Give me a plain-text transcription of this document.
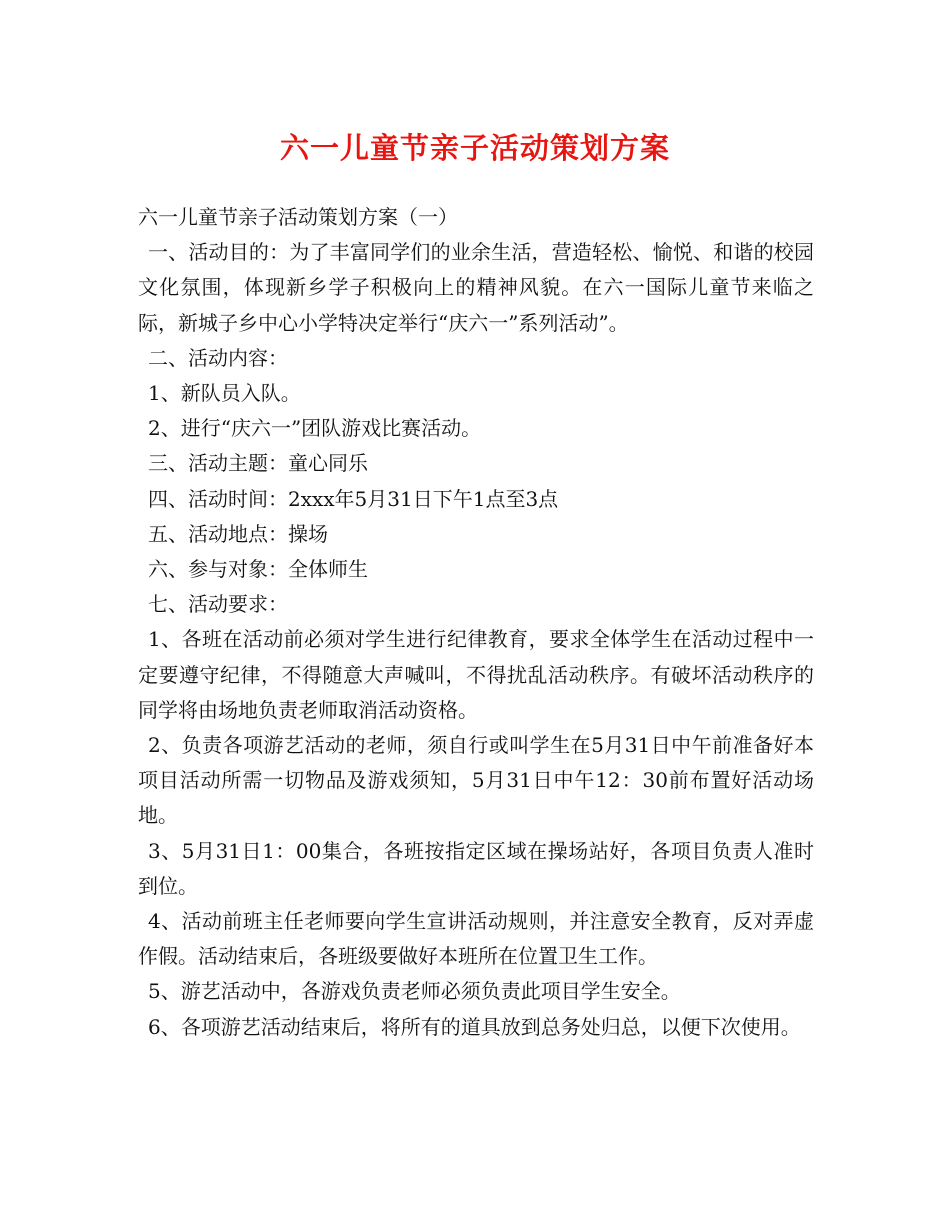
六一儿童节亲子活动策划方案

六一儿童节亲子活动策划方案（一）

一、活动目的：为了丰富同学们的业余生活，营造轻松、愉悦、和谐的校园文化氛围，体现新乡学子积极向上的精神风貌。在六一国际儿童节来临之际，新城子乡中心小学特决定举行“庆六一”系列活动”。

二、活动内容：

1、新队员入队。

2、进行“庆六一”团队游戏比赛活动。

三、活动主题：童心同乐

四、活动时间：2xxx年5月31日下午1点至3点

五、活动地点：操场

六、参与对象：全体师生

七、活动要求：

1、各班在活动前必须对学生进行纪律教育，要求全体学生在活动过程中一定要遵守纪律，不得随意大声喊叫，不得扰乱活动秩序。有破坏活动秩序的同学将由场地负责老师取消活动资格。

2、负责各项游艺活动的老师，须自行或叫学生在5月31日中午前准备好本项目活动所需一切物品及游戏须知，5月31日中午12：30前布置好活动场地。

3、5月31日1：00集合，各班按指定区域在操场站好，各项目负责人准时到位。

4、活动前班主任老师要向学生宣讲活动规则，并注意安全教育，反对弄虚作假。活动结束后，各班级要做好本班所在位置卫生工作。

5、游艺活动中，各游戏负责老师必须负责此项目学生安全。

6、各项游艺活动结束后，将所有的道具放到总务处归总，以便下次使用。
